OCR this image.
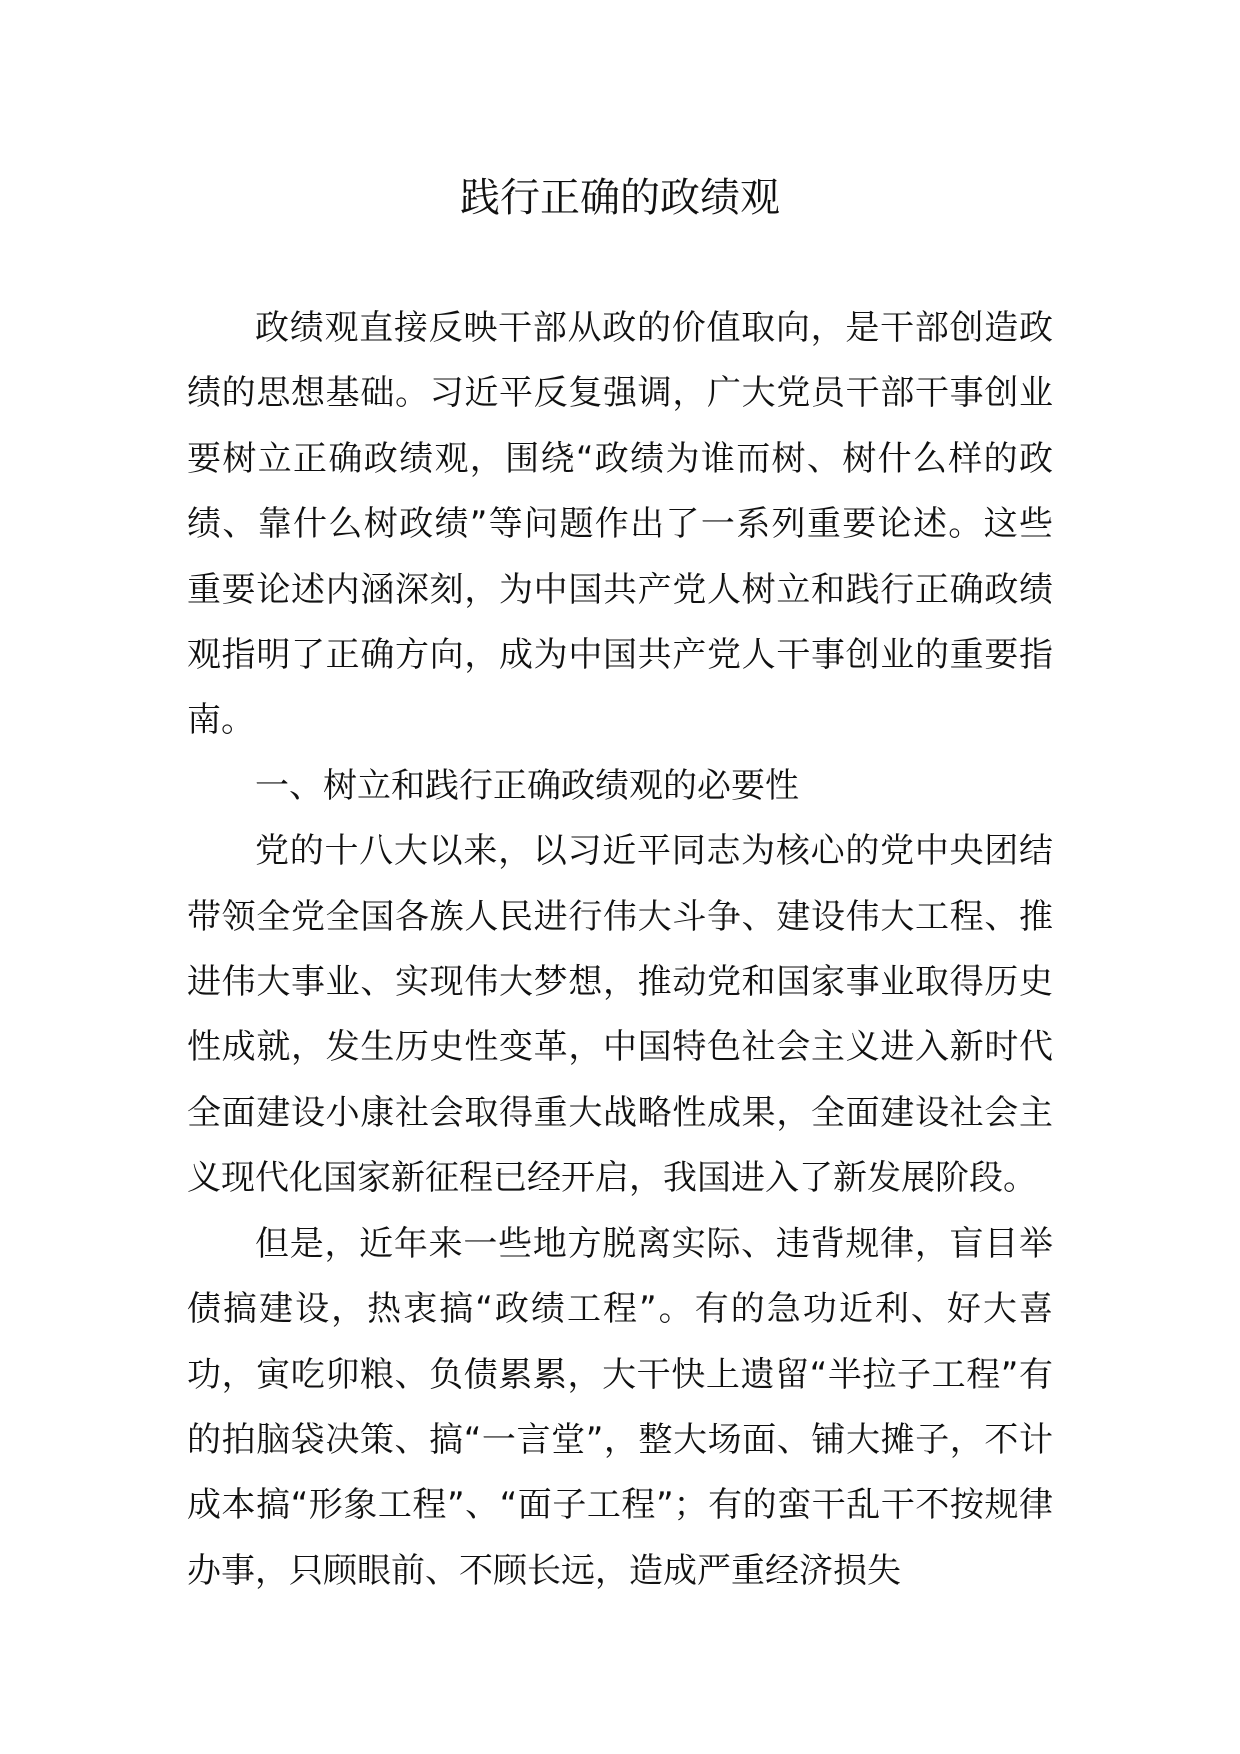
践行正确的政绩观

政绩观直接反映干部从政的价值取向，是干部创造政绩的思想基础。习近平反复强调，广大党员干部干事创业要树立正确政绩观，围绕“政绩为谁而树、树什么样的政绩、靠什么树政绩”等问题作出了一系列重要论述。这些重要论述内涵深刻，为中国共产党人树立和践行正确政绩观指明了正确方向，成为中国共产党人干事创业的重要指南。

一、树立和践行正确政绩观的必要性

党的十八大以来，以习近平同志为核心的党中央团结带领全党全国各族人民进行伟大斗争、建设伟大工程、推进伟大事业、实现伟大梦想，推动党和国家事业取得历史性成就，发生历史性变革，中国特色社会主义进入新时代全面建设小康社会取得重大战略性成果，全面建设社会主义现代化国家新征程已经开启，我国进入了新发展阶段。

但是，近年来一些地方脱离实际、违背规律，盲目举债搞建设，热衷搞“政绩工程”。有的急功近利、好大喜功，寅吃卯粮、负债累累，大干快上遗留“半拉子工程”有的拍脑袋决策、搞“一言堂”，整大场面、铺大摊子，不计成本搞“形象工程”、“面子工程”；有的蛮干乱干不按规律办事，只顾眼前、不顾长远，造成严重经济损失
